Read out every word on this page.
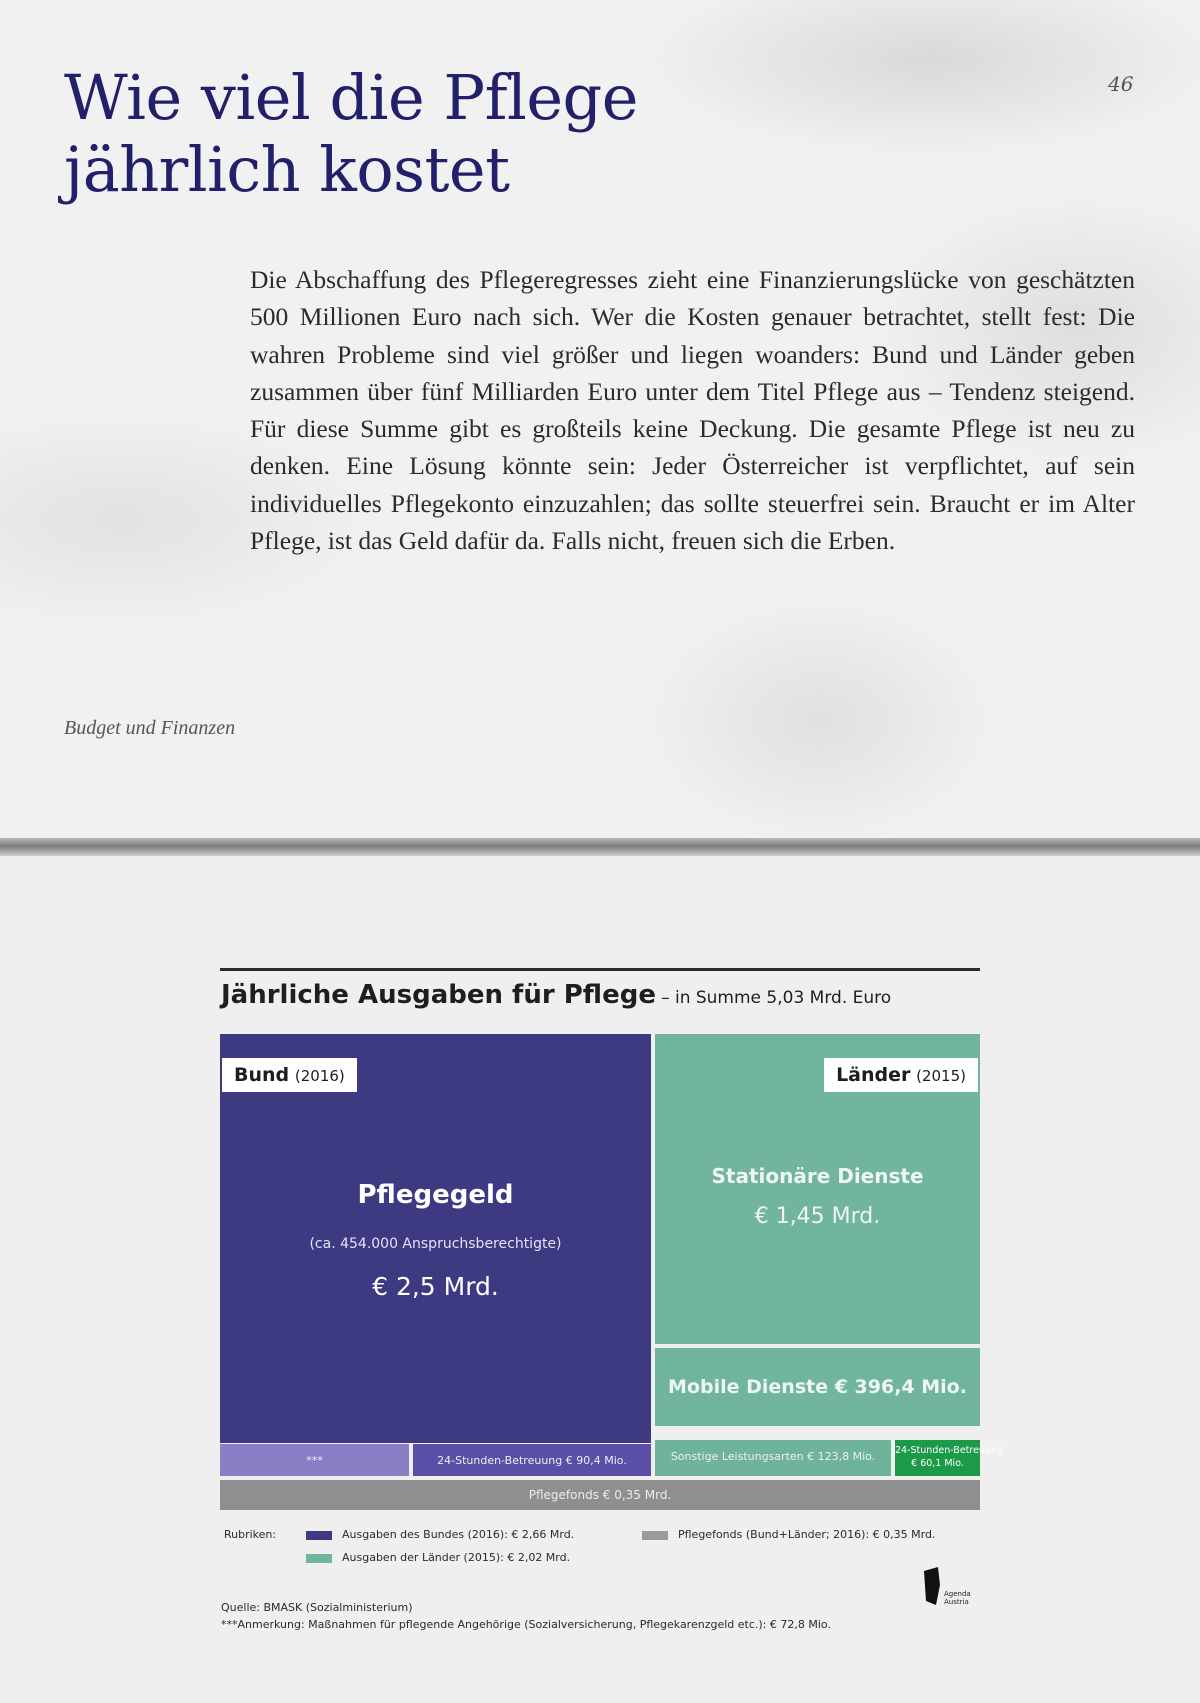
Wie viel die Pflege
jährlich kostet
46

Die Abschaffung des Pflegeregresses zieht eine Finanzierungslücke von geschätzten 500 Millionen Euro nach sich. Wer die Kosten genauer betrachtet, stellt fest: Die wahren Probleme sind viel größer und liegen woanders: Bund und Länder geben zusammen über fünf Milliarden Euro unter dem Titel Pflege aus – Tendenz steigend. Für diese Summe gibt es großteils keine Deckung. Die gesamte Pflege ist neu zu denken. Eine Lösung könnte sein: Jeder Österreicher ist verpflichtet, auf sein individuelles Pflegekonto einzuzahlen; das sollte steuerfrei sein. Braucht er im Alter Pflege, ist das Geld dafür da. Falls nicht, freuen sich die Erben.

Budget und Finanzen
Jährliche Ausgaben für Pflege – in Summe 5,03 Mrd. Euro
Bund (2016)
Pflegegeld
(ca. 454.000 Anspruchsberechtigte)
€ 2,5 Mrd.
Länder (2015)
Stationäre Dienste
€ 1,45 Mrd.
Mobile Dienste € 396,4 Mio.
Sonstige Leistungsarten € 123,8 Mio.	24-Stunden-Betreuung
€ 60,1 Mio.
***	24-Stunden-Betreuung € 90,4 Mio.
Pflegefonds € 0,35 Mrd.
Rubriken:	Ausgaben des Bundes (2016): € 2,66 Mrd.	Pflegefonds (Bund+Länder; 2016): € 0,35 Mrd.
Ausgaben der Länder (2015): € 2,02 Mrd.
Agenda
Austria
Quelle: BMASK (Sozialministerium)
***Anmerkung: Maßnahmen für pflegende Angehörige (Sozialversicherung, Pflegekarenzgeld etc.): € 72,8 Mio.
